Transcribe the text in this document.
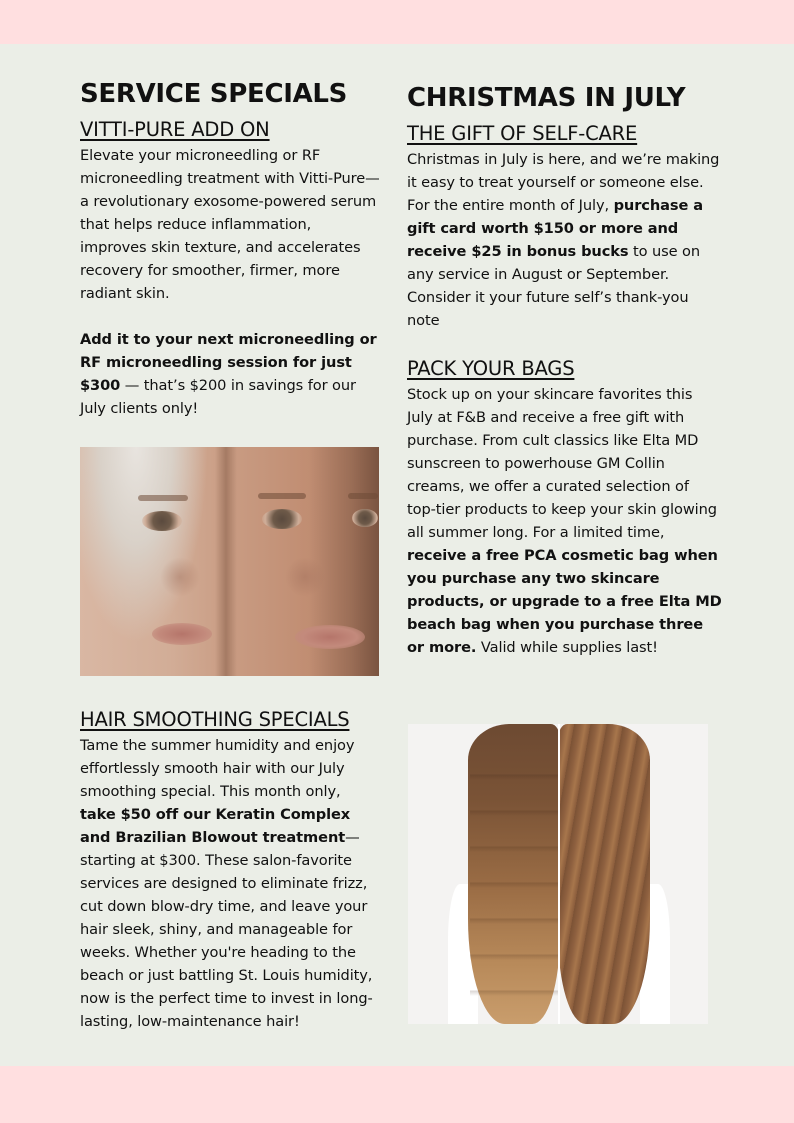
SERVICE SPECIALS
VITTI-PURE ADD ON

Elevate your microneedling or RF microneedling treatment with Vitti-Pure—a revolutionary exosome-powered serum that helps reduce inflammation, improves skin texture, and accelerates recovery for smoother, firmer, more radiant skin.

Add it to your next microneedling or RF microneedling session for just $300 — that’s $200 in savings for our July clients only!

HAIR SMOOTHING SPECIALS

Tame the summer humidity and enjoy effortlessly smooth hair with our July smoothing special. This month only, take $50 off our Keratin Complex and Brazilian Blowout treatment—starting at $300. These salon-favorite services are designed to eliminate frizz, cut down blow-dry time, and leave your hair sleek, shiny, and manageable for weeks. Whether you're heading to the beach or just battling St. Louis humidity, now is the perfect time to invest in long-lasting, low-maintenance hair!

CHRISTMAS IN JULY
THE GIFT OF SELF-CARE

Christmas in July is here, and we’re making it easy to treat yourself or someone else. For the entire month of July, purchase a gift card worth $150 or more and receive $25 in bonus bucks to use on any service in August or September. Consider it your future self’s thank-you note

PACK YOUR BAGS

Stock up on your skincare favorites this July at F&B and receive a free gift with purchase. From cult classics like Elta MD sunscreen to powerhouse GM Collin creams, we offer a curated selection of top-tier products to keep your skin glowing all summer long. For a limited time, receive a free PCA cosmetic bag when you purchase any two skincare products, or upgrade to a free Elta MD beach bag when you purchase three or more. Valid while supplies last!
